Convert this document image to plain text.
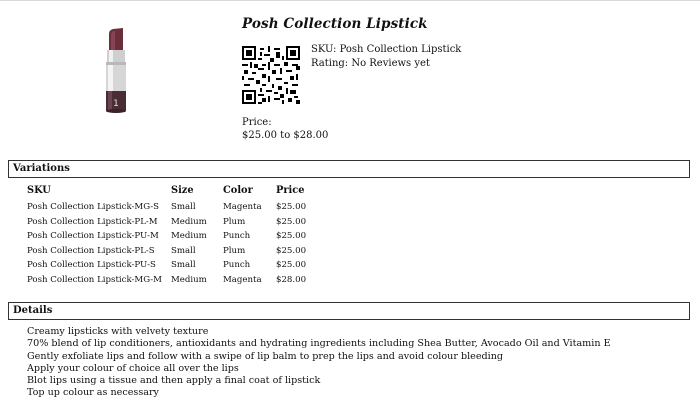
1
Posh Collection Lipstick
SKU: Posh Collection Lipstick
Rating: No Reviews yet
Price:
$25.00 to $28.00
Variations
SKU	Size	Color	Price
Posh Collection Lipstick-MG-S	Small	Magenta	$25.00
Posh Collection Lipstick-PL-M	Medium	Plum	$25.00
Posh Collection Lipstick-PU-M	Medium	Punch	$25.00
Posh Collection Lipstick-PL-S	Small	Plum	$25.00
Posh Collection Lipstick-PU-S	Small	Punch	$25.00
Posh Collection Lipstick-MG-M	Medium	Magenta	$28.00
Details
Creamy lipsticks with velvety texture
70% blend of lip conditioners, antioxidants and hydrating ingredients including Shea Butter, Avocado Oil and Vitamin E
Gently exfoliate lips and follow with a swipe of lip balm to prep the lips and avoid colour bleeding
Apply your colour of choice all over the lips
Blot lips using a tissue and then apply a final coat of lipstick
Top up colour as necessary
